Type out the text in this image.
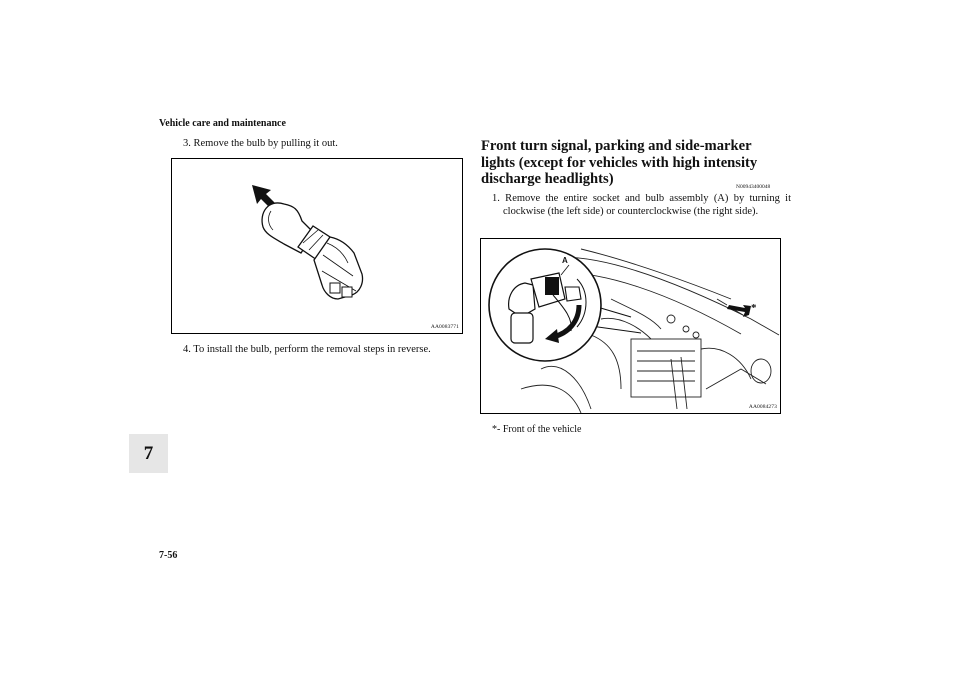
Vehicle care and maintenance
7
7-56
3. Remove the bulb by pulling it out.
AA0083771
4. To install the bulb, perform the removal steps in reverse.
Front turn signal, parking and side-marker lights (except for vehicles with high intensity discharge headlights)	N00943400048
1. Remove the entire socket and bulb assembly (A) by turning it clockwise (the left side) or counterclockwise (the right side).
A
*
AA0084273
*- Front of the vehicle
